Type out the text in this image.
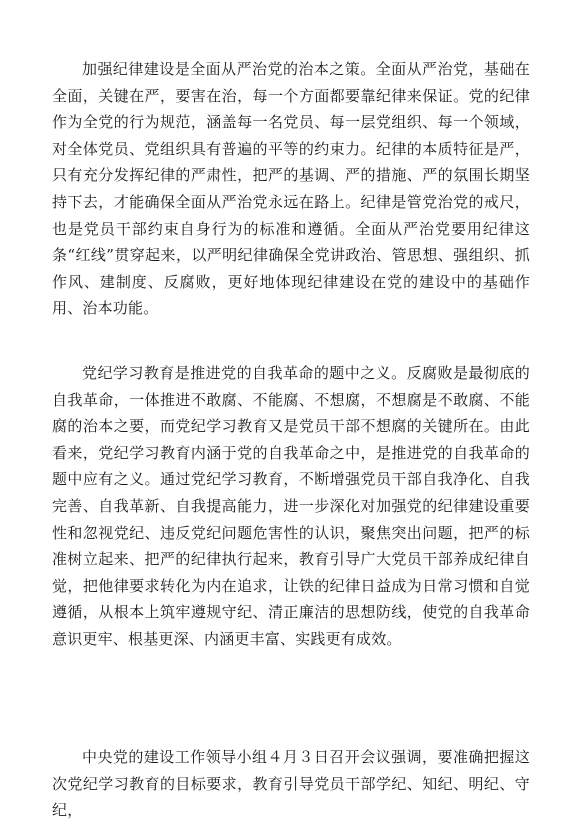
加强纪律建设是全面从严治党的治本之策。全面从严治党，基础在全面，关键在严，要害在治，每一个方面都要靠纪律来保证。党的纪律作为全党的行为规范，涵盖每一名党员、每一层党组织、每一个领域，对全体党员、党组织具有普遍的平等的约束力。纪律的本质特征是严，只有充分发挥纪律的严肃性，把严的基调、严的措施、严的氛围长期坚持下去，才能确保全面从严治党永远在路上。纪律是管党治党的戒尺，也是党员干部约束自身行为的标准和遵循。全面从严治党要用纪律这条“红线”贯穿起来，以严明纪律确保全党讲政治、管思想、强组织、抓作风、建制度、反腐败，更好地体现纪律建设在党的建设中的基础作用、治本功能。

党纪学习教育是推进党的自我革命的题中之义。反腐败是最彻底的自我革命，一体推进不敢腐、不能腐、不想腐，不想腐是不敢腐、不能腐的治本之要，而党纪学习教育又是党员干部不想腐的关键所在。由此看来，党纪学习教育内涵于党的自我革命之中，是推进党的自我革命的题中应有之义。通过党纪学习教育，不断增强党员干部自我净化、自我完善、自我革新、自我提高能力，进一步深化对加强党的纪律建设重要性和忽视党纪、违反党纪问题危害性的认识，聚焦突出问题，把严的标准树立起来、把严的纪律执行起来，教育引导广大党员干部养成纪律自觉，把他律要求转化为内在追求，让铁的纪律日益成为日常习惯和自觉遵循，从根本上筑牢遵规守纪、清正廉洁的思想防线，使党的自我革命意识更牢、根基更深、内涵更丰富、实践更有成效。

中央党的建设工作领导小组４月３日召开会议强调，要准确把握这次党纪学习教育的目标要求，教育引导党员干部学纪、知纪、明纪、守纪，
